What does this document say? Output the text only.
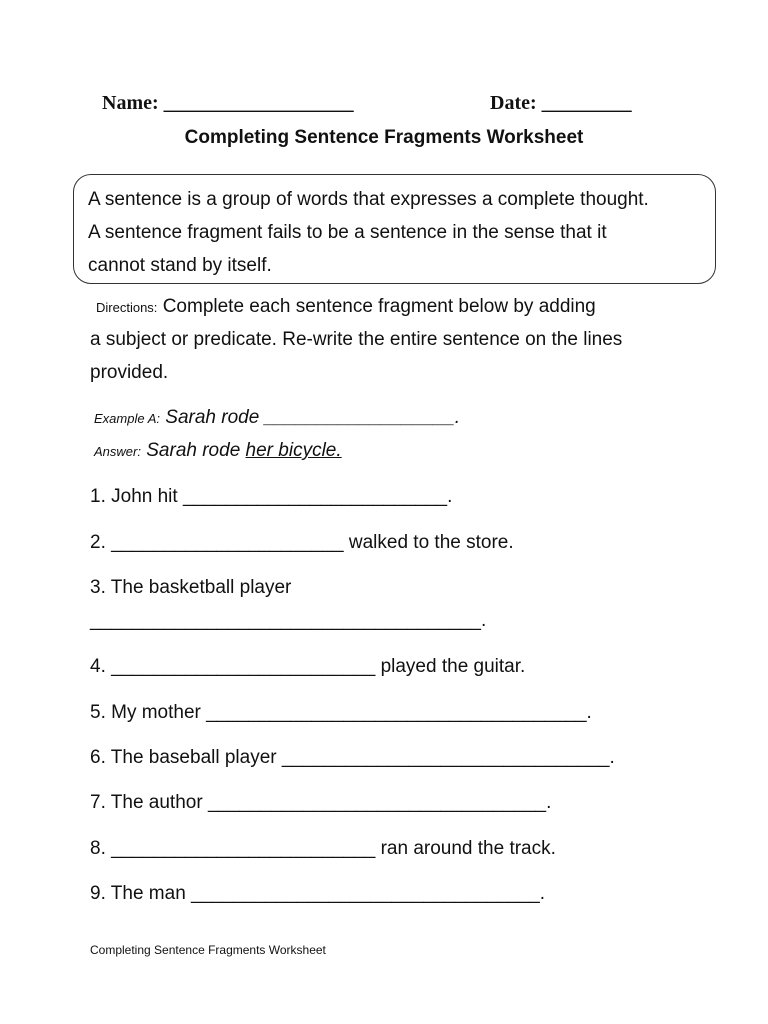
Name: ___________________	Date: _________
Completing Sentence Fragments Worksheet

A sentence is a group of words that expresses a complete thought.

A sentence fragment fails to be a sentence in the sense that it

cannot stand by itself.

Directions: Complete each sentence fragment below by adding
a subject or predicate. Re-write the entire sentence on the lines
provided.
Example A: Sarah rode __________________.
Answer: Sarah rode her bicycle.
1. John hit _________________________.
2. ______________________ walked to the store.
3. The basketball player
_____________________________________.
4. _________________________ played the guitar.
5. My mother ____________________________________.
6. The baseball player _______________________________.
7. The author ________________________________.
8. _________________________ ran around the track.
9. The man _________________________________.
Completing Sentence Fragments Worksheet
